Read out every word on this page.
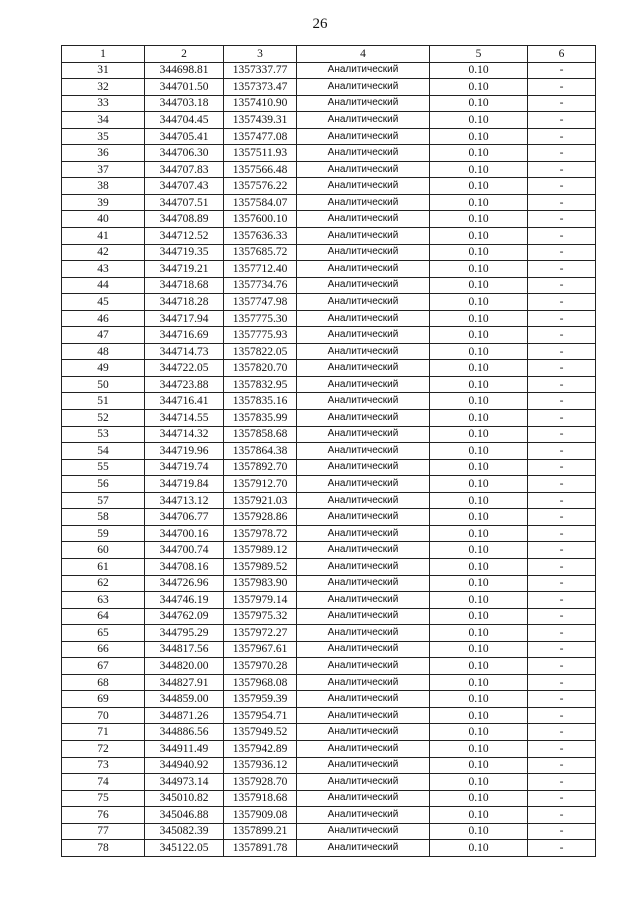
26
1	2	3	4	5	6
31	344698.81	1357337.77	Аналитический	0.10	-
32	344701.50	1357373.47	Аналитический	0.10	-
33	344703.18	1357410.90	Аналитический	0.10	-
34	344704.45	1357439.31	Аналитический	0.10	-
35	344705.41	1357477.08	Аналитический	0.10	-
36	344706.30	1357511.93	Аналитический	0.10	-
37	344707.83	1357566.48	Аналитический	0.10	-
38	344707.43	1357576.22	Аналитический	0.10	-
39	344707.51	1357584.07	Аналитический	0.10	-
40	344708.89	1357600.10	Аналитический	0.10	-
41	344712.52	1357636.33	Аналитический	0.10	-
42	344719.35	1357685.72	Аналитический	0.10	-
43	344719.21	1357712.40	Аналитический	0.10	-
44	344718.68	1357734.76	Аналитический	0.10	-
45	344718.28	1357747.98	Аналитический	0.10	-
46	344717.94	1357775.30	Аналитический	0.10	-
47	344716.69	1357775.93	Аналитический	0.10	-
48	344714.73	1357822.05	Аналитический	0.10	-
49	344722.05	1357820.70	Аналитический	0.10	-
50	344723.88	1357832.95	Аналитический	0.10	-
51	344716.41	1357835.16	Аналитический	0.10	-
52	344714.55	1357835.99	Аналитический	0.10	-
53	344714.32	1357858.68	Аналитический	0.10	-
54	344719.96	1357864.38	Аналитический	0.10	-
55	344719.74	1357892.70	Аналитический	0.10	-
56	344719.84	1357912.70	Аналитический	0.10	-
57	344713.12	1357921.03	Аналитический	0.10	-
58	344706.77	1357928.86	Аналитический	0.10	-
59	344700.16	1357978.72	Аналитический	0.10	-
60	344700.74	1357989.12	Аналитический	0.10	-
61	344708.16	1357989.52	Аналитический	0.10	-
62	344726.96	1357983.90	Аналитический	0.10	-
63	344746.19	1357979.14	Аналитический	0.10	-
64	344762.09	1357975.32	Аналитический	0.10	-
65	344795.29	1357972.27	Аналитический	0.10	-
66	344817.56	1357967.61	Аналитический	0.10	-
67	344820.00	1357970.28	Аналитический	0.10	-
68	344827.91	1357968.08	Аналитический	0.10	-
69	344859.00	1357959.39	Аналитический	0.10	-
70	344871.26	1357954.71	Аналитический	0.10	-
71	344886.56	1357949.52	Аналитический	0.10	-
72	344911.49	1357942.89	Аналитический	0.10	-
73	344940.92	1357936.12	Аналитический	0.10	-
74	344973.14	1357928.70	Аналитический	0.10	-
75	345010.82	1357918.68	Аналитический	0.10	-
76	345046.88	1357909.08	Аналитический	0.10	-
77	345082.39	1357899.21	Аналитический	0.10	-
78	345122.05	1357891.78	Аналитический	0.10	-
